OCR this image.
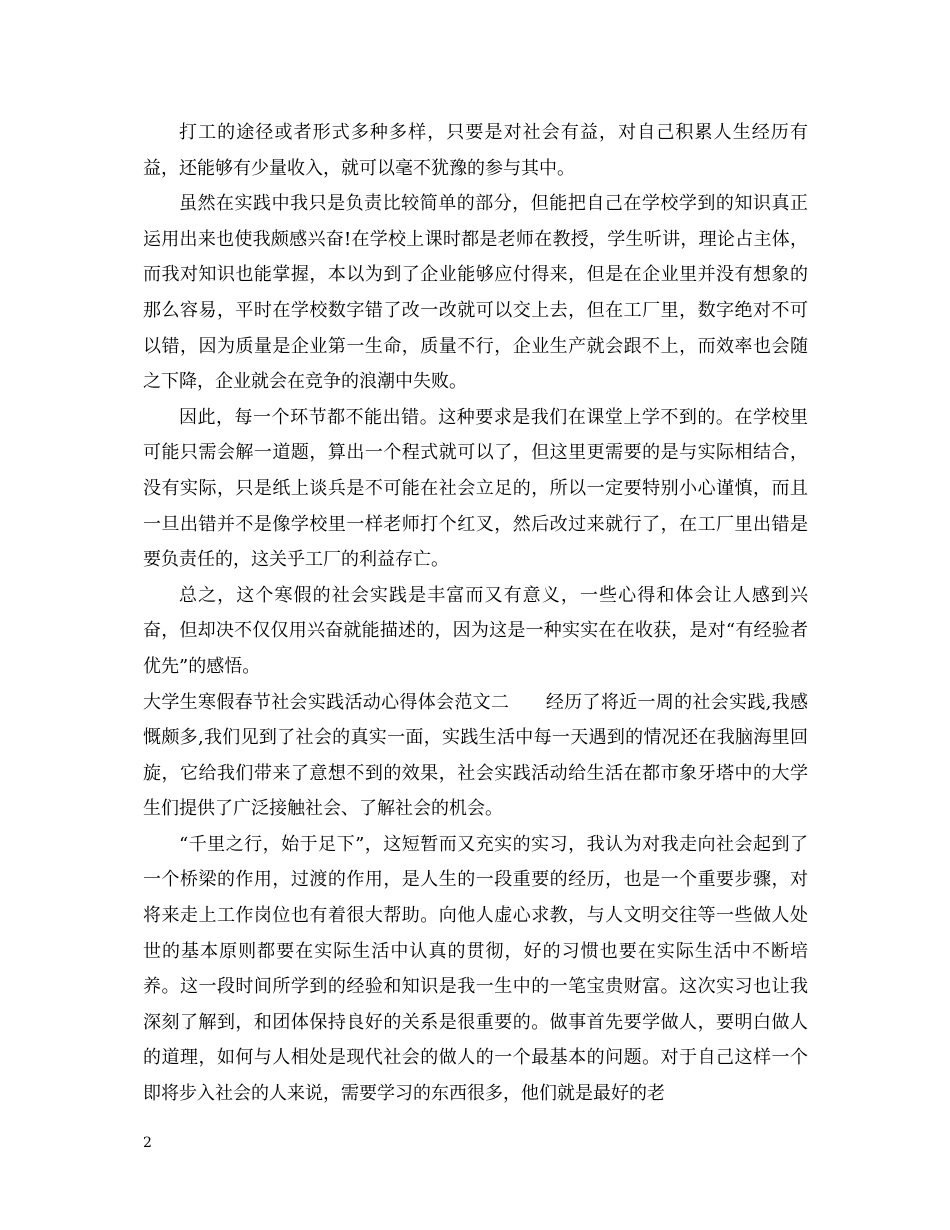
打工的途径或者形式多种多样，只要是对社会有益，对自己积累人生经历有益，还能够有少量收入，就可以毫不犹豫的参与其中。

虽然在实践中我只是负责比较简单的部分，但能把自己在学校学到的知识真正运用出来也使我颇感兴奋!在学校上课时都是老师在教授，学生听讲，理论占主体，而我对知识也能掌握，本以为到了企业能够应付得来，但是在企业里并没有想象的那么容易，平时在学校数字错了改一改就可以交上去，但在工厂里，数字绝对不可以错，因为质量是企业第一生命，质量不行，企业生产就会跟不上，而效率也会随之下降，企业就会在竞争的浪潮中失败。

因此，每一个环节都不能出错。这种要求是我们在课堂上学不到的。在学校里可能只需会解一道题，算出一个程式就可以了，但这里更需要的是与实际相结合，没有实际，只是纸上谈兵是不可能在社会立足的，所以一定要特别小心谨慎，而且一旦出错并不是像学校里一样老师打个红叉，然后改过来就行了，在工厂里出错是要负责任的，这关乎工厂的利益存亡。

总之，这个寒假的社会实践是丰富而又有意义，一些心得和体会让人感到兴奋，但却决不仅仅用兴奋就能描述的，因为这是一种实实在在收获，是对“有经验者优先”的感悟。

大学生寒假春节社会实践活动心得体会范文二　　经历了将近一周的社会实践,我感慨颇多,我们见到了社会的真实一面，实践生活中每一天遇到的情况还在我脑海里回旋，它给我们带来了意想不到的效果，社会实践活动给生活在都市象牙塔中的大学生们提供了广泛接触社会、了解社会的机会。

“千里之行，始于足下”，这短暂而又充实的实习，我认为对我走向社会起到了一个桥梁的作用，过渡的作用，是人生的一段重要的经历，也是一个重要步骤，对将来走上工作岗位也有着很大帮助。向他人虚心求教，与人文明交往等一些做人处世的基本原则都要在实际生活中认真的贯彻，好的习惯也要在实际生活中不断培养。这一段时间所学到的经验和知识是我一生中的一笔宝贵财富。这次实习也让我深刻了解到，和团体保持良好的关系是很重要的。做事首先要学做人，要明白做人的道理，如何与人相处是现代社会的做人的一个最基本的问题。对于自己这样一个即将步入社会的人来说，需要学习的东西很多，他们就是最好的老

2
